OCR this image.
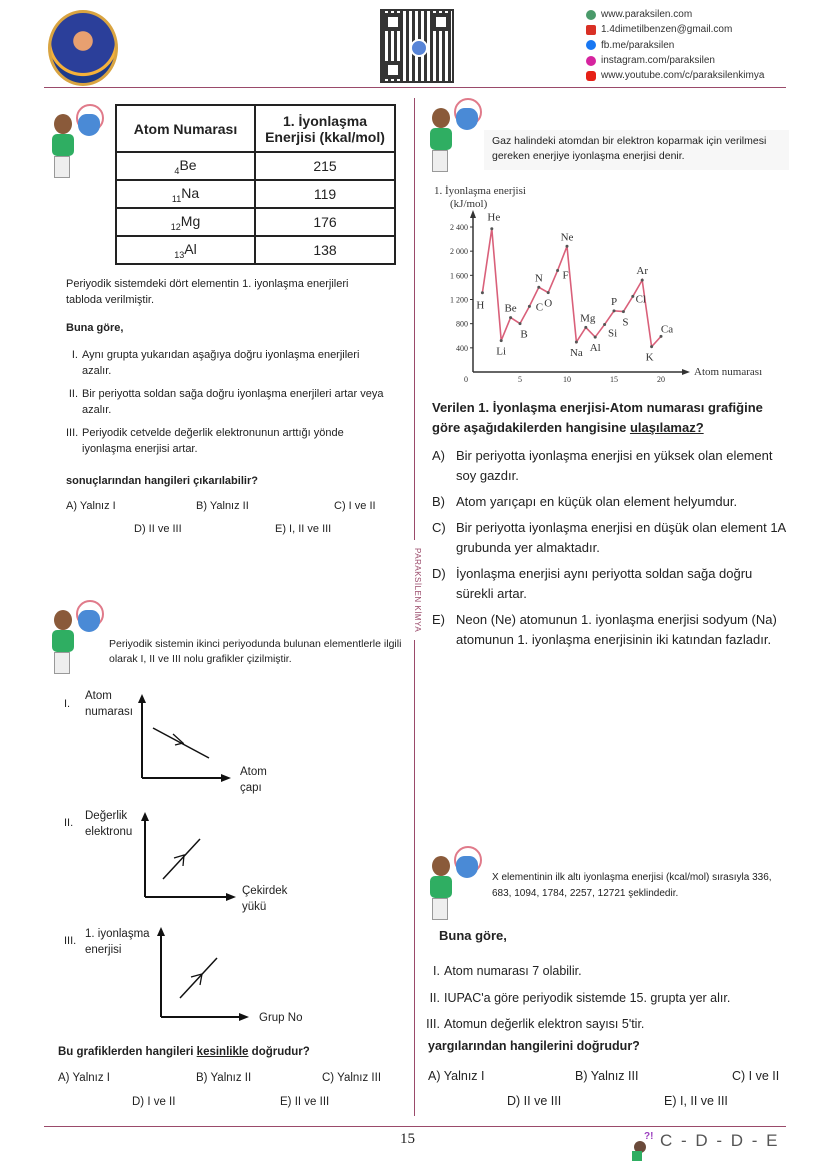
www.paraksilen.com
1.4dimetilbenzen@gmail.com
fb.me/paraksilen
instagram.com/paraksilen
www.youtube.com/c/paraksilenkimya
PARAKSİLEN KİMYA
Atom Numarası	1. İyonlaşma
Enerjisi (kkal/mol)
$_4$Be	215
$_{11}$Na	119
$_{12}$Mg	176
$_{13}$Al	138
Periyodik sistemdeki dört elementin 1. iyonlaşma enerjileri tabloda verilmiştir.
Buna göre,
I. Aynı grupta yukarıdan aşağıya doğru iyonlaşma enerjileri azalır.
II. Bir periyotta soldan sağa doğru iyonlaşma enerjileri artar veya azalır.
III. Periyodik cetvelde değerlik elektronunun arttığı yönde iyonlaşma enerjisi artar.
sonuçlarından hangileri çıkarılabilir?
A) Yalnız I	B) Yalnız II	C) I ve II
D) II ve III	E) I, II ve III
Gaz halindeki atomdan bir elektron koparmak için verilmesi gereken enerjiye iyonlaşma enerjisi denir.
1. İyonlaşma enerjisi
(kJ/mol)
400
800
1 200
1 600
2 000
2 400
0	5	10	15	20
H
He
Li
Be
B
C
N
O
F
Ne
Na
Mg
Al
Si
P
S
Cl
Ar
K
Ca
Atom numarası
Verilen 1. İyonlaşma enerjisi-Atom numarası grafiğine göre aşağıdakilerden hangisine ulaşılamaz?
A) Bir periyotta iyonlaşma enerjisi en yüksek olan element soy gazdır.
B) Atom yarıçapı en küçük olan element helyumdur.
C) Bir periyotta iyonlaşma enerjisi en düşük olan element 1A grubunda yer almaktadır.
D) İyonlaşma enerjisi aynı periyotta soldan sağa doğru sürekli artar.
E) Neon (Ne) atomunun 1. iyonlaşma enerjisi sodyum (Na) atomunun 1. iyonlaşma enerjisinin iki katından fazladır.
Periyodik sistemin ikinci periyodunda bulunan elementlerle ilgili olarak I, II ve III nolu grafikler çizilmiştir.
I.
Atom numarası
Atom çapı
II.
Değerlik elektronu
Çekirdek yükü
III.
1. iyonlaşma enerjisi
Grup No
Bu grafiklerden hangileri kesinlikle doğrudur?
A) Yalnız I	B) Yalnız II	C) Yalnız III
D) I ve II	E) II ve III
X elementinin ilk altı iyonlaşma enerjisi (kcal/mol) sırasıyla 336, 683, 1094, 1784, 2257, 12721 şeklindedir.
Buna göre,
I. Atom numarası 7 olabilir.
II. IUPAC'a göre periyodik sistemde 15. grupta yer alır.
III. Atomun değerlik elektron sayısı 5'tir.
yargılarından hangilerini doğrudur?
A) Yalnız I	B) Yalnız III	C) I ve II
D) II ve III	E) I, II ve III
15	?! C - D - D - E
